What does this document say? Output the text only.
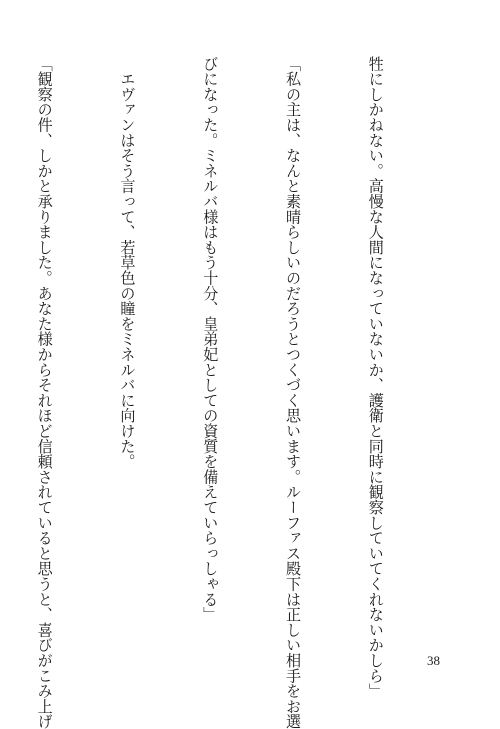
牲にしかねない。高慢な人間になっていないか、護衛と同時に観察していてくれないかしら」

「私の主は、なんと素晴らしいのだろうとつくづく思います。ルーファス殿下は正しい相手をお選

びになった。ミネルバ様はもう十分、皇弟妃としての資質を備えていらっしゃる」

　エヴァンはそう言って、若草色の瞳をミネルバに向けた。

「観察の件、しかと承りました。あなた様からそれほど信頼されていると思うと、喜びがこみ上げ

	38
